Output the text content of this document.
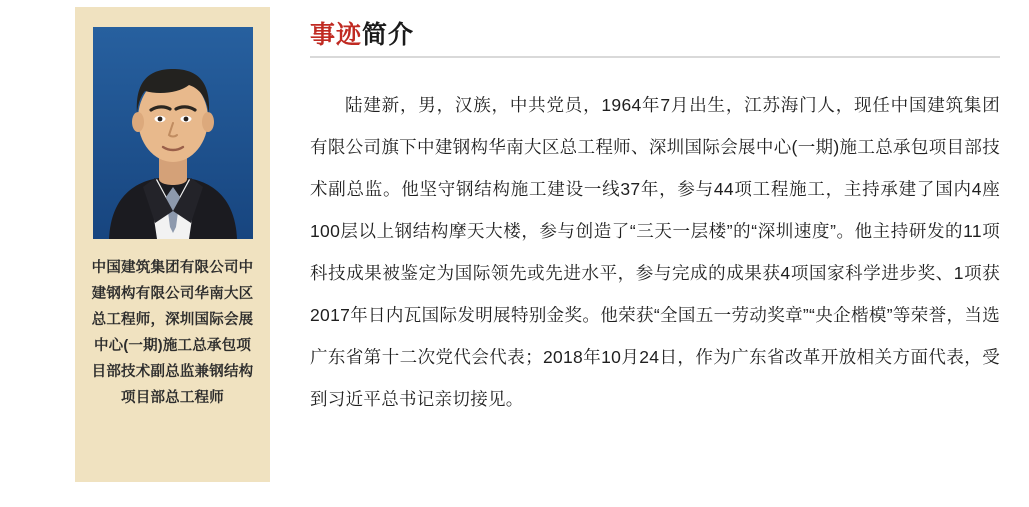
中国建筑集团有限公司中建钢构有限公司华南大区总工程师，深圳国际会展中心(一期)施工总承包项目部技术副总监兼钢结构项目部总工程师
事迹简介

陆建新，男，汉族，中共党员，1964年7月出生，江苏海门人，现任中国建筑集团有限公司旗下中建钢构华南大区总工程师、深圳国际会展中心(一期)施工总承包项目部技术副总监。他坚守钢结构施工建设一线37年，参与44项工程施工，主持承建了国内4座100层以上钢结构摩天大楼，参与创造了“三天一层楼”的“深圳速度”。他主持研发的11项科技成果被鉴定为国际领先或先进水平，参与完成的成果获4项国家科学进步奖、1项获2017年日内瓦国际发明展特别金奖。他荣获“全国五一劳动奖章”“央企楷模”等荣誉，当选广东省第十二次党代会代表；2018年10月24日，作为广东省改革开放相关方面代表，受到习近平总书记亲切接见。
